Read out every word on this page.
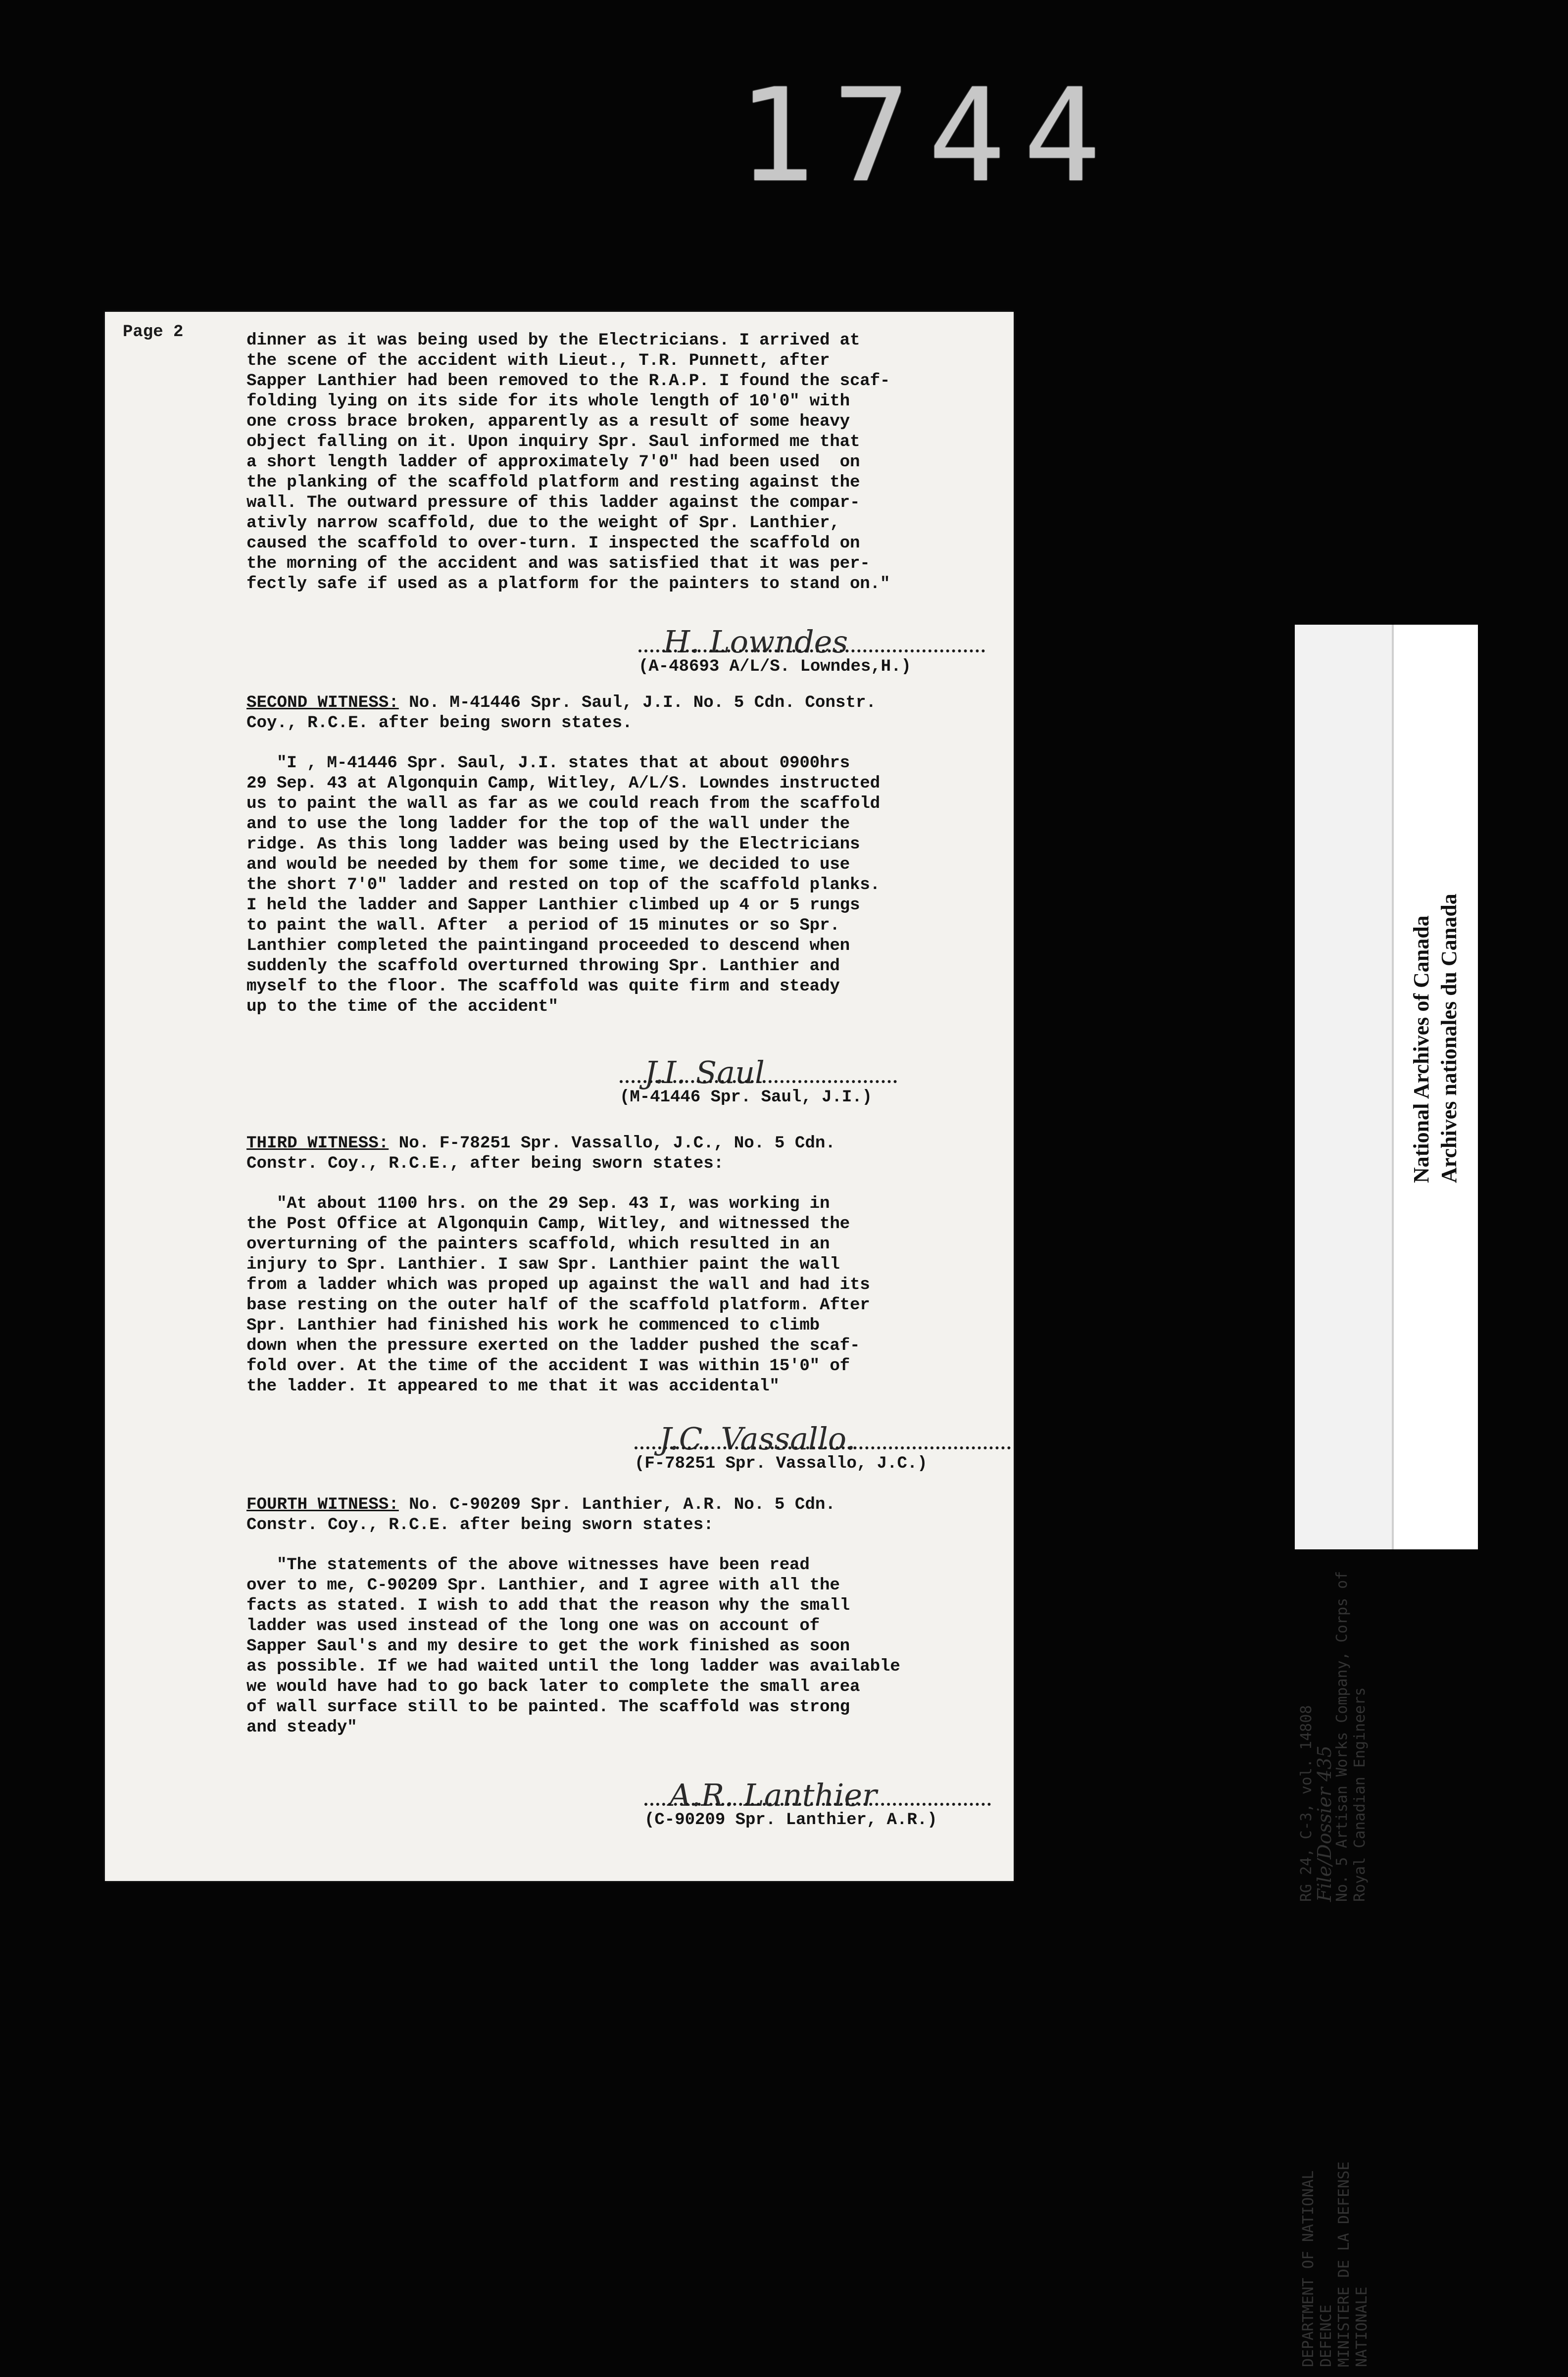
1744
Page 2	dinner as it was being used by the Electricians. I arrived at
the scene of the accident with Lieut., T.R. Punnett, after
Sapper Lanthier had been removed to the R.A.P. I found the scaf-
folding lying on its side for its whole length of 10'0" with
one cross brace broken, apparently as a result of some heavy
object falling on it. Upon inquiry Spr. Saul informed me that
a short length ladder of approximately 7'0" had been used  on
the planking of the scaffold platform and resting against the
wall. The outward pressure of this ladder against the compar-
ativly narrow scaffold, due to the weight of Spr. Lanthier,
caused the scaffold to over-turn. I inspected the scaffold on
the morning of the accident and was satisfied that it was per-
fectly safe if used as a platform for the painters to stand on."
H. Lowndes
(A-48693 A/L/S. Lowndes,H.)
SECOND WITNESS: No. M-41446 Spr. Saul, J.I. No. 5 Cdn. Constr.
Coy., R.C.E. after being sworn states.
"I , M-41446 Spr. Saul, J.I. states that at about 0900hrs
29 Sep. 43 at Algonquin Camp, Witley, A/L/S. Lowndes instructed
us to paint the wall as far as we could reach from the scaffold
and to use the long ladder for the top of the wall under the
ridge. As this long ladder was being used by the Electricians
and would be needed by them for some time, we decided to use
the short 7'0" ladder and rested on top of the scaffold planks.
I held the ladder and Sapper Lanthier climbed up 4 or 5 rungs
to paint the wall. After  a period of 15 minutes or so Spr.
Lanthier completed the paintingand proceeded to descend when
suddenly the scaffold overturned throwing Spr. Lanthier and
myself to the floor. The scaffold was quite firm and steady
up to the time of the accident"
J.I. Saul
(M-41446 Spr. Saul, J.I.)
THIRD WITNESS: No. F-78251 Spr. Vassallo, J.C., No. 5 Cdn.
Constr. Coy., R.C.E., after being sworn states:
"At about 1100 hrs. on the 29 Sep. 43 I, was working in
the Post Office at Algonquin Camp, Witley, and witnessed the
overturning of the painters scaffold, which resulted in an
injury to Spr. Lanthier. I saw Spr. Lanthier paint the wall
from a ladder which was proped up against the wall and had its
base resting on the outer half of the scaffold platform. After
Spr. Lanthier had finished his work he commenced to climb
down when the pressure exerted on the ladder pushed the scaf-
fold over. At the time of the accident I was within 15'0" of
the ladder. It appeared to me that it was accidental"
J.C. Vassallo.
(F-78251 Spr. Vassallo, J.C.)
FOURTH WITNESS: No. C-90209 Spr. Lanthier, A.R. No. 5 Cdn.
Constr. Coy., R.C.E. after being sworn states:
"The statements of the above witnesses have been read
over to me, C-90209 Spr. Lanthier, and I agree with all the
facts as stated. I wish to add that the reason why the small
ladder was used instead of the long one was on account of
Sapper Saul's and my desire to get the work finished as soon
as possible. If we had waited until the long ladder was available
we would have had to go back later to complete the small area
of wall surface still to be painted. The scaffold was strong
and steady"
A.R. Lanthier
(C-90209 Spr. Lanthier, A.R.)
DEPARTMENT OF NATIONAL DEFENCE MINISTERE DE LA DEFENSE NATIONALE
RG 24, C-3, vol. 14808
File/Dossier 435
No. 5 Artisan Works Company, Corps of Royal Canadian Engineers
National Archives of Canada Archives nationales du Canada
